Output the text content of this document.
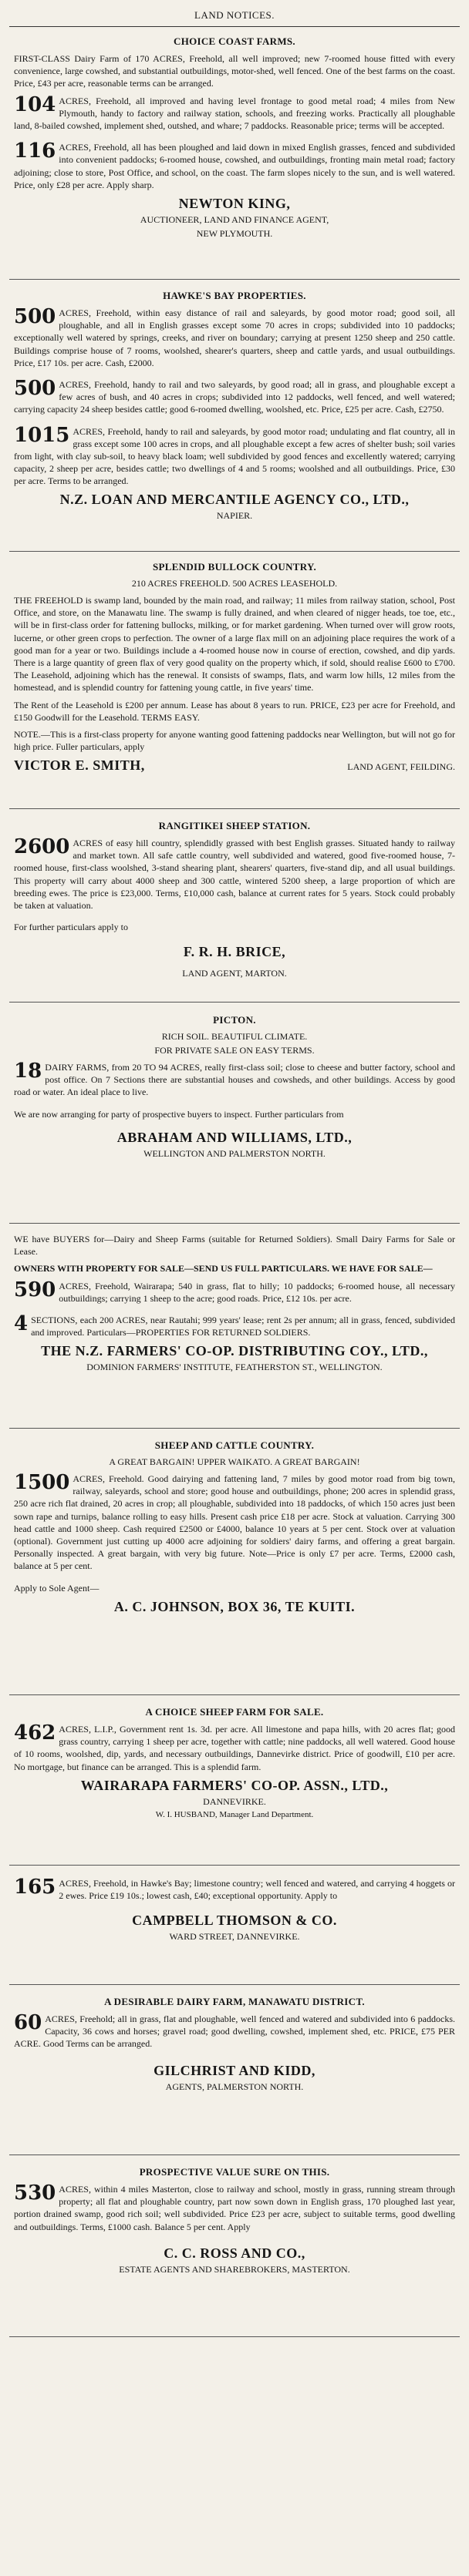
LAND NOTICES.
CHOICE COAST FARMS.
FIRST-CLASS Dairy Farm of 170 ACRES, Freehold, all well improved; new 7-roomed house fitted with every convenience, large cowshed, and substantial outbuildings, motor-shed, well fenced. One of the best farms on the coast. Price, £43 per acre, reasonable terms can be arranged.
104 ACRES, Freehold, all improved and having level frontage to good metal road; 4 miles from New Plymouth, handy to factory and railway station, schools, and freezing works. Practically all ploughable land, 8-bailed cowshed, implement shed, outshed, and whare; 7 paddocks. Reasonable price; terms will be accepted.
116 ACRES, Freehold, all has been ploughed and laid down in mixed English grasses, fenced and subdivided into convenient paddocks; 6-roomed house, cowshed, and outbuildings, fronting main metal road; factory adjoining; close to store, Post Office, and school, on the coast. The farm slopes nicely to the sun, and is well watered. Price, only £28 per acre. Apply sharp.
NEWTON KING,
AUCTIONEER, LAND AND FINANCE AGENT,
NEW PLYMOUTH.
HAWKE'S BAY PROPERTIES.
500 ACRES, Freehold, within easy distance of rail and saleyards, by good motor road; good soil, all ploughable, and all in English grasses except some 70 acres in crops; subdivided into 10 paddocks; exceptionally well watered by springs, creeks, and river on boundary; carrying at present 1250 sheep and 250 cattle. Buildings comprise house of 7 rooms, woolshed, shearer's quarters, sheep and cattle yards, and usual outbuildings. Price, £17 10s. per acre. Cash, £2000.
500 ACRES, Freehold, handy to rail and two saleyards, by good road; all in grass, and ploughable except a few acres of bush, and 40 acres in crops; subdivided into 12 paddocks, well fenced, and well watered; carrying capacity 24 sheep besides cattle; good 6-roomed dwelling, woolshed, etc. Price, £25 per acre. Cash, £2750.
1015 ACRES, Freehold, handy to rail and saleyards, by good motor road; undulating and flat country, all in grass except some 100 acres in crops, and all ploughable except a few acres of shelter bush; soil varies from light, with clay sub-soil, to heavy black loam; well subdivided by good fences and excellently watered; carrying capacity, 2 sheep per acre, besides cattle; two dwellings of 4 and 5 rooms; woolshed and all outbuildings. Price, £30 per acre. Terms to be arranged.
N.Z. LOAN AND MERCANTILE AGENCY CO., LTD.,
NAPIER.
SPLENDID BULLOCK COUNTRY.
210 ACRES FREEHOLD. 500 ACRES LEASEHOLD.
THE FREEHOLD is swamp land, bounded by the main road, and railway; 11 miles from railway station, school, Post Office, and store, on the Manawatu line. The swamp is fully drained, and when cleared of nigger heads, toe toe, etc., will be in first-class order for fattening bullocks, milking, or for market gardening. When turned over will grow roots, lucerne, or other green crops to perfection. The owner of a large flax mill on an adjoining place requires the work of a good man for a year or two. Buildings include a 4-roomed house now in course of erection, cowshed, and dip yards. There is a large quantity of green flax of very good quality on the property which, if sold, should realise £600 to £700. The Leasehold, adjoining which has the renewal. It consists of swamps, flats, and warm low hills, 12 miles from the homestead, and is splendid country for fattening young cattle, in five years' time.
The Rent of the Leasehold is £200 per annum. Lease has about 8 years to run. PRICE, £23 per acre for Freehold, and £150 Goodwill for the Leasehold. TERMS EASY.
NOTE.—This is a first-class property for anyone wanting good fattening paddocks near Wellington, but will not go for high price. Fuller particulars, apply
VICTOR E. SMITH,	LAND AGENT, FEILDING.
RANGITIKEI SHEEP STATION.
2600 ACRES of easy hill country, splendidly grassed with best English grasses. Situated handy to railway and market town. All safe cattle country, well subdivided and watered, good five-roomed house, 7-roomed house, first-class woolshed, 3-stand shearing plant, shearers' quarters, five-stand dip, and all usual buildings. This property will carry about 4000 sheep and 300 cattle, wintered 5200 sheep, a large proportion of which are breeding ewes. The price is £23,000. Terms, £10,000 cash, balance at current rates for 5 years. Stock could probably be taken at valuation.
For further particulars apply to
F. R. H. BRICE,
LAND AGENT, MARTON.
PICTON.
RICH SOIL. BEAUTIFUL CLIMATE.
FOR PRIVATE SALE ON EASY TERMS.
18 DAIRY FARMS, from 20 TO 94 ACRES, really first-class soil; close to cheese and butter factory, school and post office. On 7 Sections there are substantial houses and cowsheds, and other buildings. Access by good road or water. An ideal place to live.
We are now arranging for party of prospective buyers to inspect. Further particulars from
ABRAHAM AND WILLIAMS, LTD.,
WELLINGTON AND PALMERSTON NORTH.
WE have BUYERS for—Dairy and Sheep Farms (suitable for Returned Soldiers). Small Dairy Farms for Sale or Lease.
OWNERS WITH PROPERTY FOR SALE—SEND US FULL PARTICULARS. WE HAVE FOR SALE—
590 ACRES, Freehold, Wairarapa; 540 in grass, flat to hilly; 10 paddocks; 6-roomed house, all necessary outbuildings; carrying 1 sheep to the acre; good roads. Price, £12 10s. per acre.
4 SECTIONS, each 200 ACRES, near Rautahi; 999 years' lease; rent 2s per annum; all in grass, fenced, subdivided and improved. Particulars—PROPERTIES FOR RETURNED SOLDIERS.
THE N.Z. FARMERS' CO-OP. DISTRIBUTING COY., LTD.,
DOMINION FARMERS' INSTITUTE, FEATHERSTON ST., WELLINGTON.
SHEEP AND CATTLE COUNTRY.
A GREAT BARGAIN! UPPER WAIKATO. A GREAT BARGAIN!
1500 ACRES, Freehold. Good dairying and fattening land, 7 miles by good motor road from big town, railway, saleyards, school and store; good house and outbuildings, phone; 200 acres in splendid grass, 250 acre rich flat drained, 20 acres in crop; all ploughable, subdivided into 18 paddocks, of which 150 acres just been sown rape and turnips, balance rolling to easy hills. Present cash price £18 per acre. Stock at valuation. Carrying 300 head cattle and 1000 sheep. Cash required £2500 or £4000, balance 10 years at 5 per cent. Stock over at valuation (optional). Government just cutting up 4000 acre adjoining for soldiers' dairy farms, and offering a great bargain. Personally inspected. A great bargain, with very big future. Note—Price is only £7 per acre. Terms, £2000 cash, balance at 5 per cent.
Apply to Sole Agent—
A. C. JOHNSON, BOX 36, TE KUITI.
A CHOICE SHEEP FARM FOR SALE.
462 ACRES, L.I.P., Government rent 1s. 3d. per acre. All limestone and papa hills, with 20 acres flat; good grass country, carrying 1 sheep per acre, together with cattle; nine paddocks, all well watered. Good house of 10 rooms, woolshed, dip, yards, and necessary outbuildings, Dannevirke district. Price of goodwill, £10 per acre. No mortgage, but finance can be arranged. This is a splendid farm.
WAIRARAPA FARMERS' CO-OP. ASSN., LTD.,
DANNEVIRKE.
W. I. HUSBAND, Manager Land Department.
165 ACRES, Freehold, in Hawke's Bay; limestone country; well fenced and watered, and carrying 4 hoggets or 2 ewes. Price £19 10s.; lowest cash, £40; exceptional opportunity. Apply to
CAMPBELL THOMSON & CO.
WARD STREET, DANNEVIRKE.
A DESIRABLE DAIRY FARM, MANAWATU DISTRICT.
60 ACRES, Freehold; all in grass, flat and ploughable, well fenced and watered and subdivided into 6 paddocks. Capacity, 36 cows and horses; gravel road; good dwelling, cowshed, implement shed, etc. PRICE, £75 PER ACRE. Good Terms can be arranged.
GILCHRIST AND KIDD,
AGENTS, PALMERSTON NORTH.
PROSPECTIVE VALUE SURE ON THIS.
530 ACRES, within 4 miles Masterton, close to railway and school, mostly in grass, running stream through property; all flat and ploughable country, part now sown down in English grass, 170 ploughed last year, portion drained swamp, good rich soil; well subdivided. Price £23 per acre, subject to suitable terms, good dwelling and outbuildings. Terms, £1000 cash. Balance 5 per cent. Apply
C. C. ROSS AND CO.,
ESTATE AGENTS AND SHAREBROKERS, MASTERTON.
